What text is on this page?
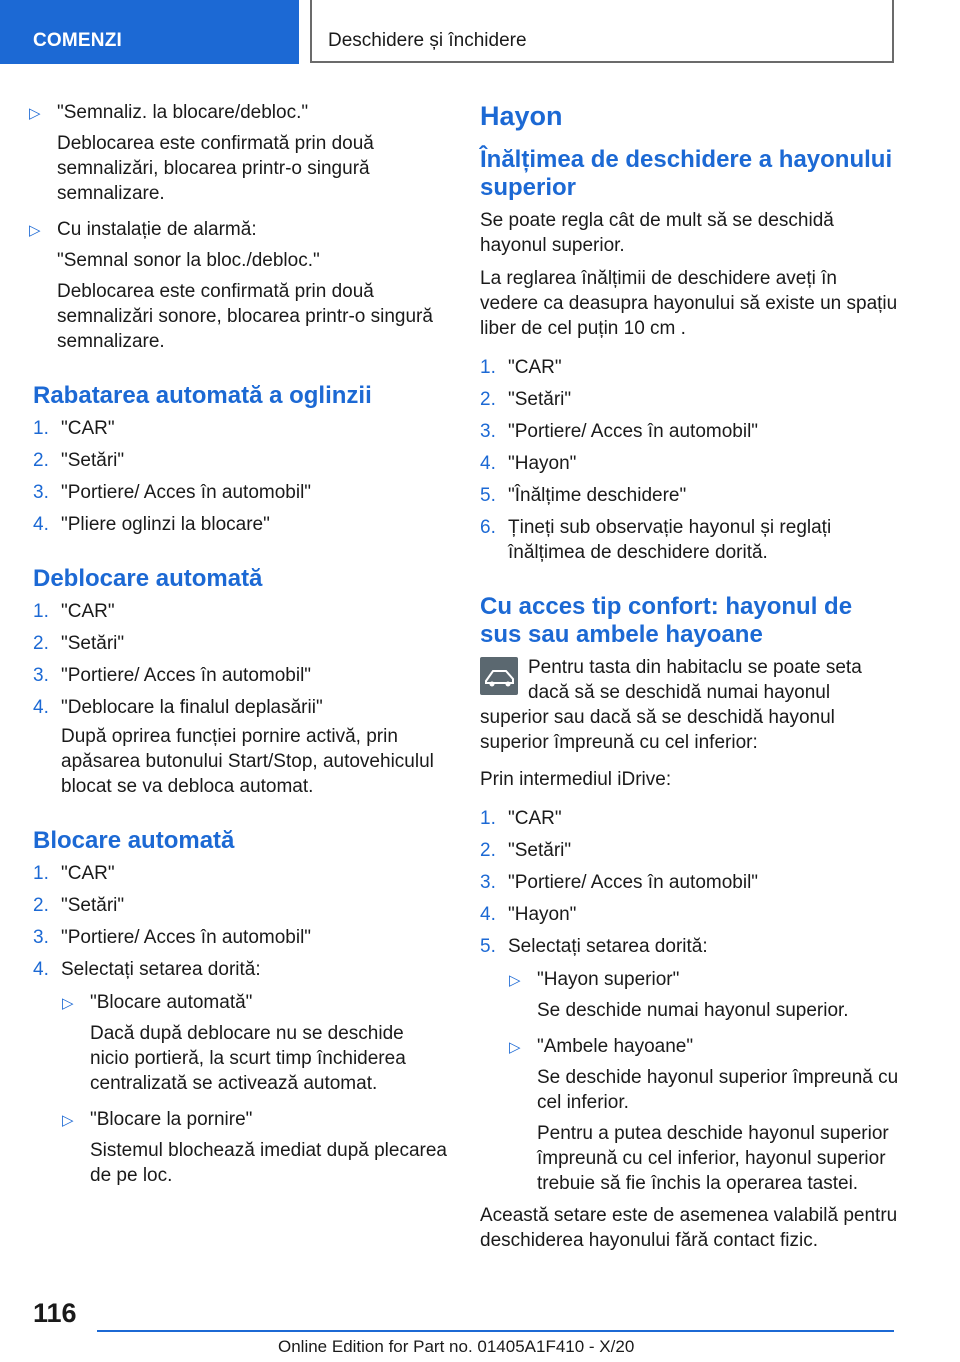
COMENZI	Deschidere și închidere
▷ "Semnaliz. la blocare/debloc."
Deblocarea este confirmată prin două semnalizări, blocarea printr-o singură semnalizare.
▷ Cu instalație de alarmă:
"Semnal sonor la bloc./debloc."
Deblocarea este confirmată prin două semnalizări sonore, blocarea printr-o singură semnalizare.
Rabatarea automată a oglinzii
1. "CAR"
2. "Setări"
3. "Portiere/ Acces în automobil"
4. "Pliere oglinzi la blocare"
Deblocare automată
1. "CAR"
2. "Setări"
3. "Portiere/ Acces în automobil"
4. "Deblocare la finalul deplasării"
După oprirea funcției pornire activă, prin apăsarea butonului Start/Stop, autovehiculul blocat se va debloca automat.
Blocare automată
1. "CAR"
2. "Setări"
3. "Portiere/ Acces în automobil"
4. Selectați setarea dorită:
▷ "Blocare automată"
Dacă după deblocare nu se deschide nicio portieră, la scurt timp închiderea centralizată se activează automat.
▷ "Blocare la pornire"
Sistemul blochează imediat după plecarea de pe loc.
Hayon
Înălțimea de deschidere a hayonului superior
Se poate regla cât de mult să se deschidă hayonul superior.
La reglarea înălțimii de deschidere aveți în vedere ca deasupra hayonului să existe un spațiu liber de cel puțin 10 cm .
1. "CAR"
2. "Setări"
3. "Portiere/ Acces în automobil"
4. "Hayon"
5. "Înălțime deschidere"
6. Țineți sub observație hayonul și reglați înălțimea de deschidere dorită.
Cu acces tip confort: hayonul de sus sau ambele hayoane
Pentru tasta din habitaclu se poate seta dacă să se deschidă numai hayonul superior sau dacă să se deschidă hayonul superior împreună cu cel inferior:
Prin intermediul iDrive:
1. "CAR"
2. "Setări"
3. "Portiere/ Acces în automobil"
4. "Hayon"
5. Selectați setarea dorită:
▷ "Hayon superior"
Se deschide numai hayonul superior.
▷ "Ambele hayoane"
Se deschide hayonul superior împreună cu cel inferior.
Pentru a putea deschide hayonul superior împreună cu cel inferior, hayonul superior trebuie să fie închis la operarea tastei.
Această setare este de asemenea valabilă pentru deschiderea hayonului fără contact fizic.
116
Online Edition for Part no. 01405A1F410 - X/20
